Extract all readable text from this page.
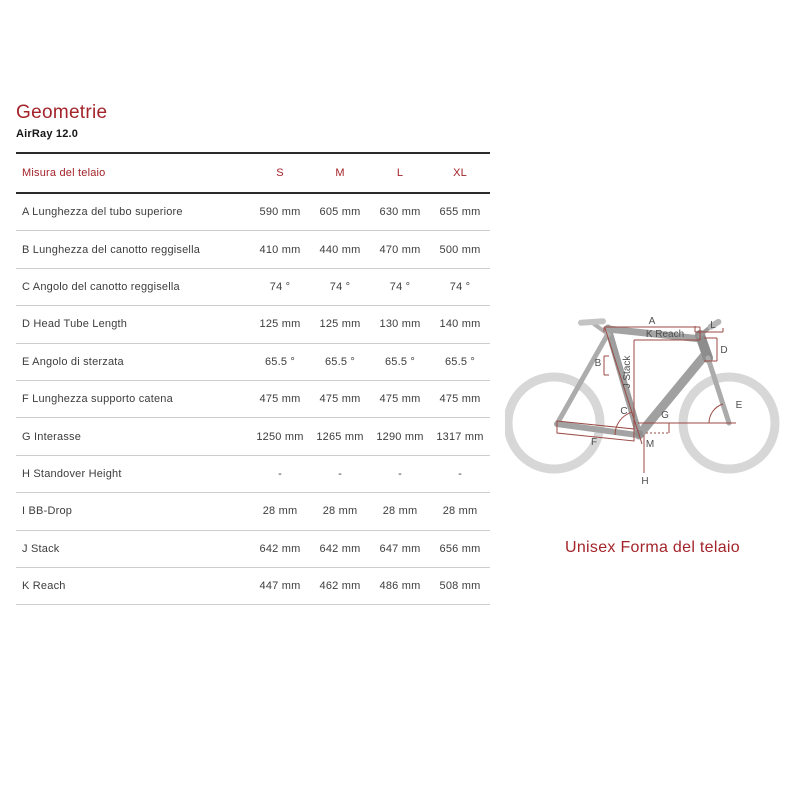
Geometrie
AirRay 12.0
Misura del telaio	S	M	L	XL
A Lunghezza del tubo superiore	590 mm	605 mm	630 mm	655 mm
B Lunghezza del canotto reggisella	410 mm	440 mm	470 mm	500 mm
C Angolo del canotto reggisella	74 °	74 °	74 °	74 °
D Head Tube Length	125 mm	125 mm	130 mm	140 mm
E Angolo di sterzata	65.5 °	65.5 °	65.5 °	65.5 °
F Lunghezza supporto catena	475 mm	475 mm	475 mm	475 mm
G Interasse	1250 mm	1265 mm	1290 mm	1317 mm
H Standover Height	-	-	-	-
I BB-Drop	28 mm	28 mm	28 mm	28 mm
J Stack	642 mm	642 mm	647 mm	656 mm
K Reach	447 mm	462 mm	486 mm	508 mm
A
K Reach
L
D
B J Stack
C
E
G
F	M
H
Unisex Forma del telaio
